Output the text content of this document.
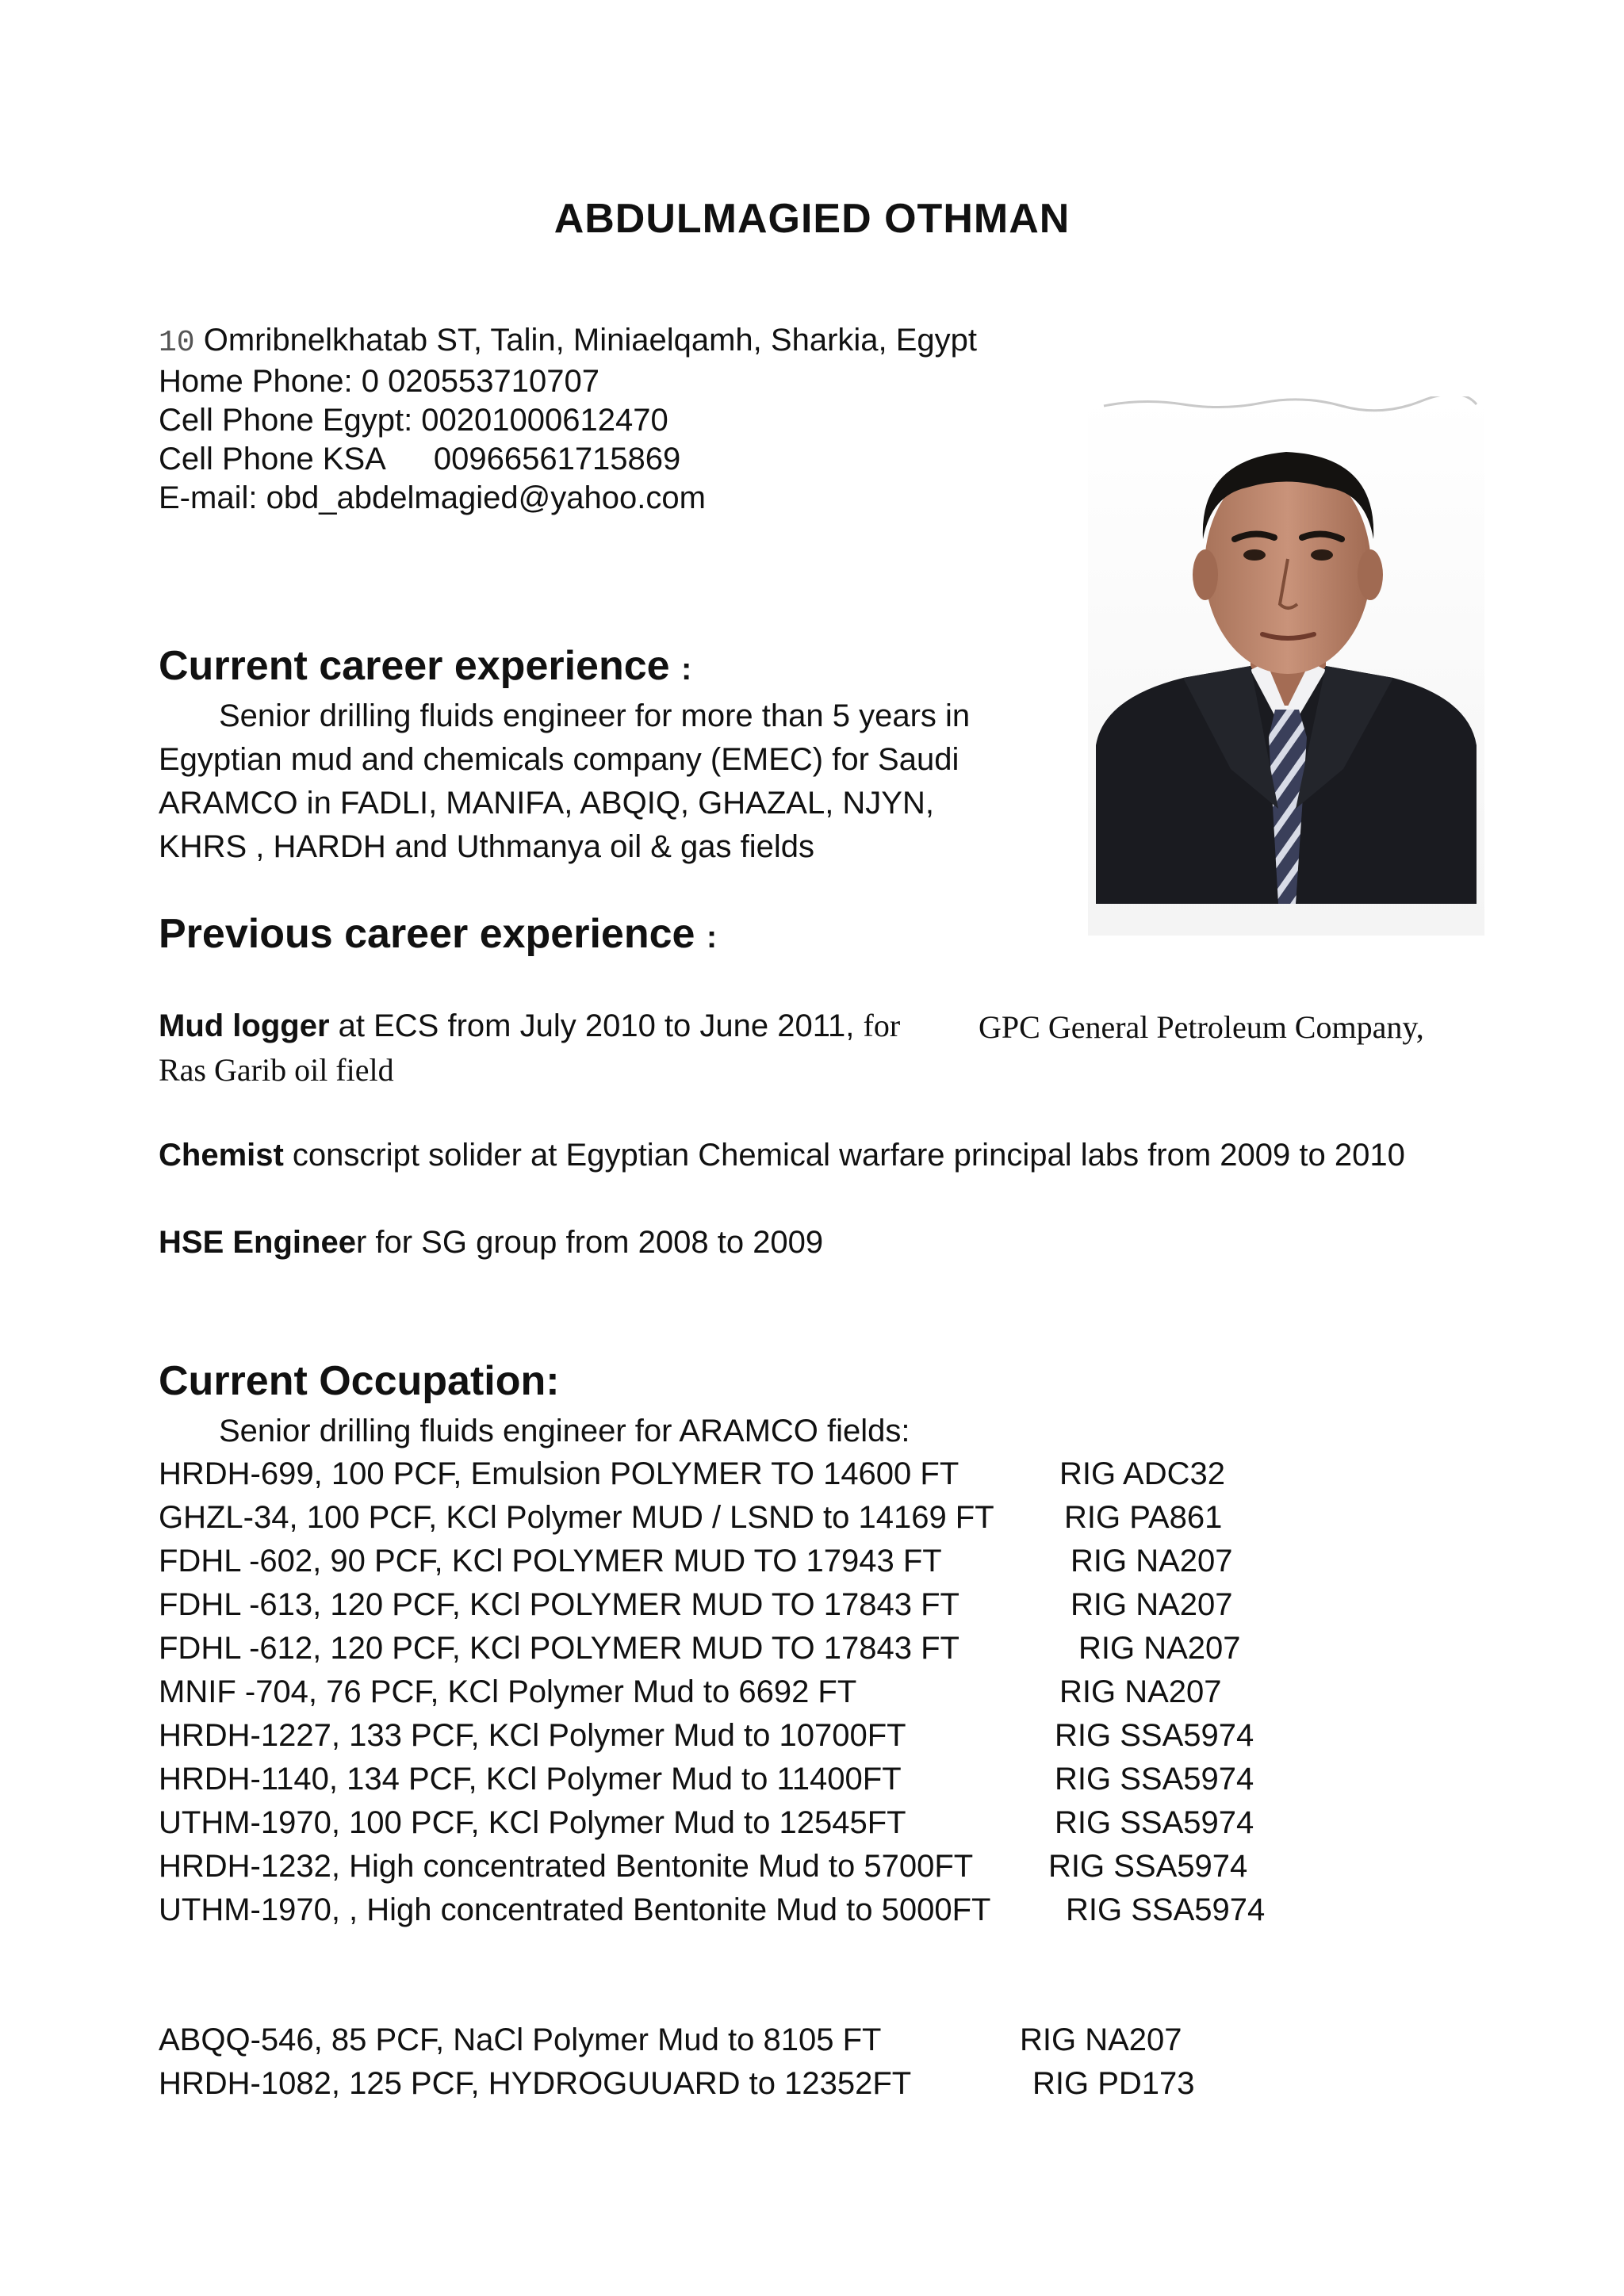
ABDULMAGIED OTHMAN
10 Omribnelkhatab ST, Talin, Miniaelqamh, Sharkia, Egypt
Home Phone: 0 020553710707
Cell Phone Egypt: 00201000612470
Cell Phone KSA 00966561715869
E-mail: obd_abdelmagied@yahoo.com
Current career experience :
Senior drilling fluids engineer for more than 5 years in
Egyptian mud and chemicals company (EMEC) for Saudi
ARAMCO in FADLI, MANIFA, ABQIQ, GHAZAL, NJYN,
KHRS , HARDH and Uthmanya oil & gas fields
Previous career experience :
Mud logger at ECS from July 2010 to June 2011, for GPC General Petroleum Company,
Ras Garib oil field
Chemist conscript solider at Egyptian Chemical warfare principal labs from 2009 to 2010
HSE Engineer for SG group from 2008 to 2009
Current Occupation:
Senior drilling fluids engineer for ARAMCO fields:
HRDH-699, 100 PCF, Emulsion POLYMER TO 14600 FT	RIG ADC32
GHZL-34, 100 PCF, KCl Polymer MUD / LSND to 14169 FT RIG PA861
FDHL -602, 90 PCF, KCl POLYMER MUD TO 17943 FT	RIG NA207
FDHL -613, 120 PCF, KCl POLYMER MUD TO 17843 FT	RIG NA207
FDHL -612, 120 PCF, KCl POLYMER MUD TO 17843 FT	RIG NA207
MNIF -704, 76 PCF, KCl Polymer Mud to 6692 FT	RIG NA207
HRDH-1227, 133 PCF, KCl Polymer Mud to 10700FT	RIG SSA5974
HRDH-1140, 134 PCF, KCl Polymer Mud to 11400FT	RIG SSA5974
UTHM-1970, 100 PCF, KCl Polymer Mud to 12545FT	RIG SSA5974
HRDH-1232, High concentrated Bentonite Mud to 5700FT RIG SSA5974
UTHM-1970, , High concentrated Bentonite Mud to 5000FT RIG SSA5974
ABQQ-546, 85 PCF, NaCl Polymer Mud to 8105 FT	RIG NA207
HRDH-1082, 125 PCF, HYDROGUUARD to 12352FT	RIG PD173
